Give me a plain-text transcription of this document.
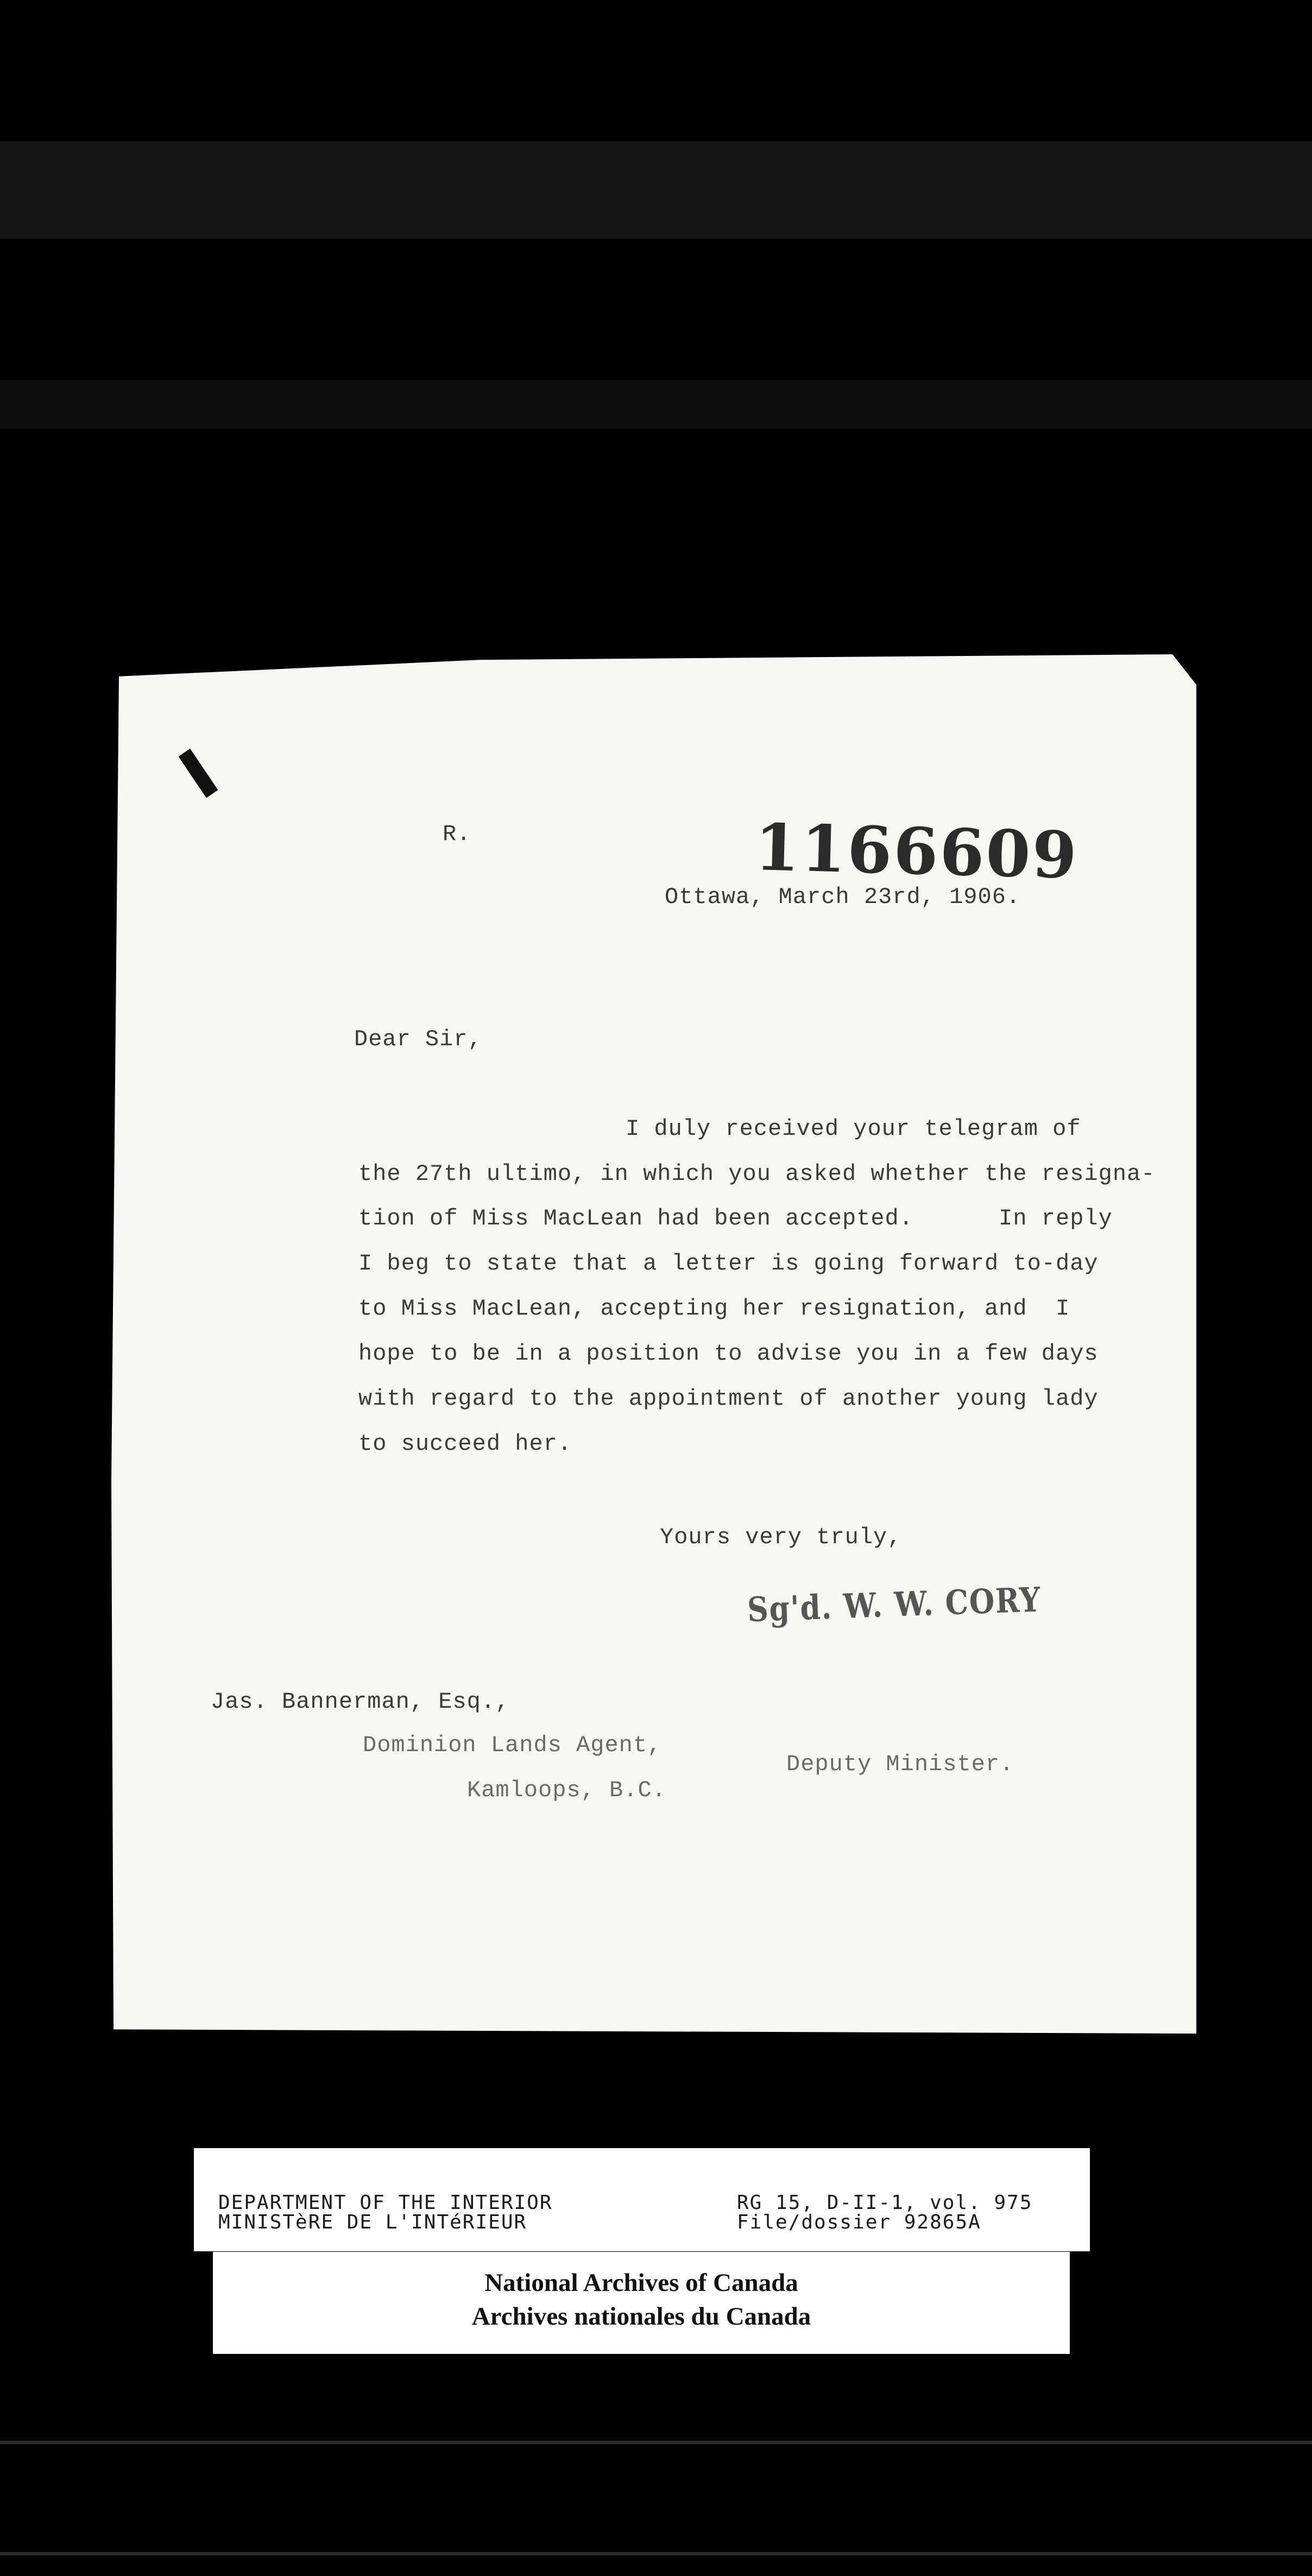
R.	1166609
Ottawa, March 23rd, 1906.
Dear Sir,
I duly received your telegram of
the 27th ultimo, in which you asked whether the resigna-
tion of Miss MacLean had been accepted.      In reply
I beg to state that a letter is going forward to-day
to Miss MacLean, accepting her resignation, and  I
hope to be in a position to advise you in a few days
with regard to the appointment of another young lady
to succeed her.
Yours very truly,
Sg'd. W. W. CORY
Jas. Bannerman, Esq.,
Dominion Lands Agent,
Deputy Minister.
Kamloops, B.C.
DEPARTMENT OF THE INTERIOR
MINISTèRE DE L'INTéRIEUR
RG 15, D-II-1, vol. 975
File/dossier 92865A
National Archives of Canada
Archives nationales du Canada
